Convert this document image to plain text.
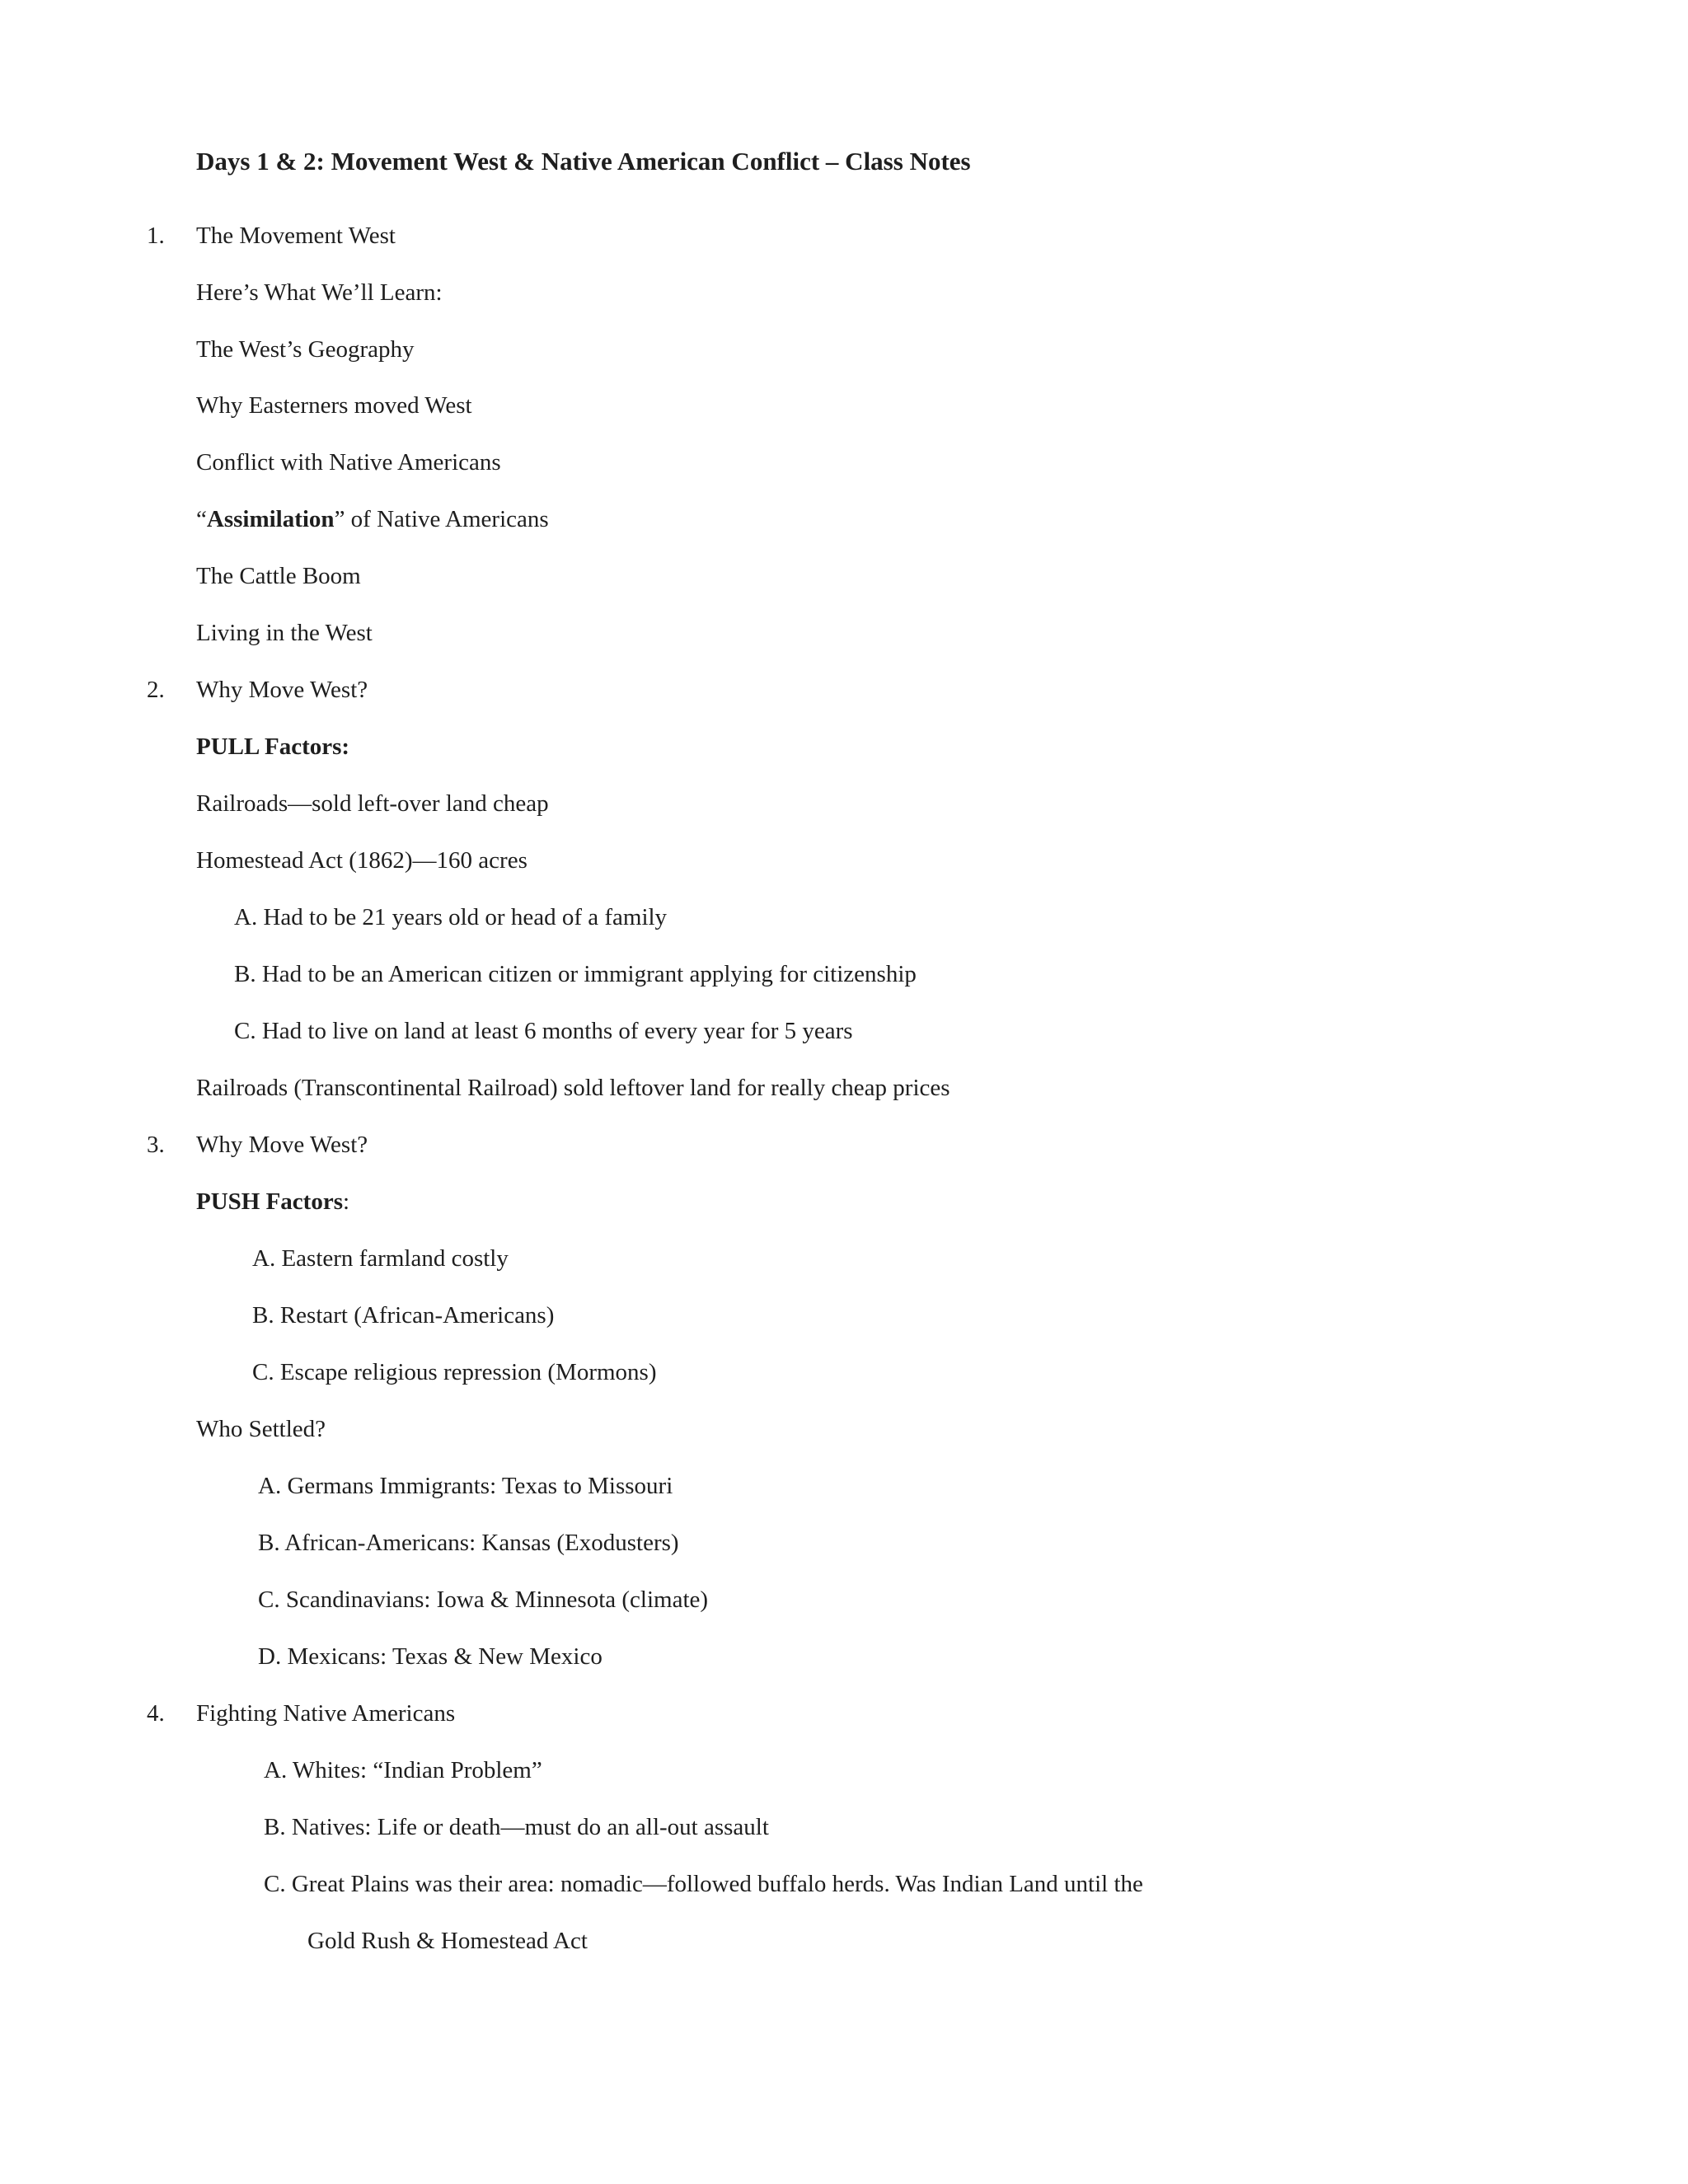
Days 1 & 2: Movement West & Native American Conflict – Class Notes
1. The Movement West
Here’s What We’ll Learn:
The West’s Geography
Why Easterners moved West
Conflict with Native Americans
“Assimilation” of Native Americans
The Cattle Boom
Living in the West
2. Why Move West?
PULL Factors:
Railroads—sold left-over land cheap
Homestead Act (1862)—160 acres
A. Had to be 21 years old or head of a family
B. Had to be an American citizen or immigrant applying for citizenship
C. Had to live on land at least 6 months of every year for 5 years
Railroads (Transcontinental Railroad) sold leftover land for really cheap prices
3. Why Move West?
PUSH Factors:
A. Eastern farmland costly
B. Restart (African-Americans)
C. Escape religious repression (Mormons)
Who Settled?
A. Germans Immigrants: Texas to Missouri
B. African-Americans: Kansas (Exodusters)
C. Scandinavians: Iowa & Minnesota (climate)
D. Mexicans: Texas & New Mexico
4. Fighting Native Americans
A. Whites: “Indian Problem”
B. Natives: Life or death—must do an all-out assault
C. Great Plains was their area: nomadic—followed buffalo herds. Was Indian Land until the
Gold Rush & Homestead Act
